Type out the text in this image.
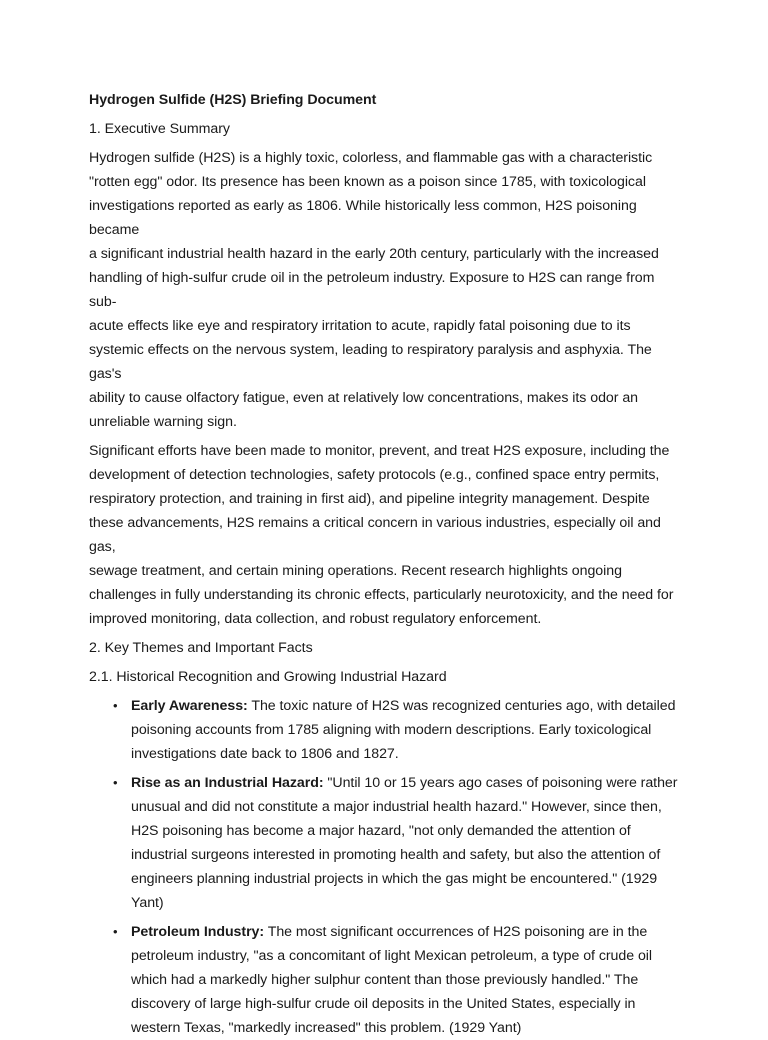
Hydrogen Sulfide (H2S) Briefing Document

1. Executive Summary

Hydrogen sulfide (H2S) is a highly toxic, colorless, and flammable gas with a characteristic
"rotten egg" odor. Its presence has been known as a poison since 1785, with toxicological
investigations reported as early as 1806. While historically less common, H2S poisoning became
a significant industrial health hazard in the early 20th century, particularly with the increased
handling of high-sulfur crude oil in the petroleum industry. Exposure to H2S can range from sub-
acute effects like eye and respiratory irritation to acute, rapidly fatal poisoning due to its
systemic effects on the nervous system, leading to respiratory paralysis and asphyxia. The gas's
ability to cause olfactory fatigue, even at relatively low concentrations, makes its odor an
unreliable warning sign.

Significant efforts have been made to monitor, prevent, and treat H2S exposure, including the
development of detection technologies, safety protocols (e.g., confined space entry permits,
respiratory protection, and training in first aid), and pipeline integrity management. Despite
these advancements, H2S remains a critical concern in various industries, especially oil and gas,
sewage treatment, and certain mining operations. Recent research highlights ongoing
challenges in fully understanding its chronic effects, particularly neurotoxicity, and the need for
improved monitoring, data collection, and robust regulatory enforcement.

2. Key Themes and Important Facts

2.1. Historical Recognition and Growing Industrial Hazard

• Early Awareness: The toxic nature of H2S was recognized centuries ago, with detailed
poisoning accounts from 1785 aligning with modern descriptions. Early toxicological
investigations date back to 1806 and 1827.
• Rise as an Industrial Hazard: "Until 10 or 15 years ago cases of poisoning were rather
unusual and did not constitute a major industrial health hazard." However, since then,
H2S poisoning has become a major hazard, "not only demanded the attention of
industrial surgeons interested in promoting health and safety, but also the attention of
engineers planning industrial projects in which the gas might be encountered." (1929
Yant)
• Petroleum Industry: The most significant occurrences of H2S poisoning are in the
petroleum industry, "as a concomitant of light Mexican petroleum, a type of crude oil
which had a markedly higher sulphur content than those previously handled." The
discovery of large high-sulfur crude oil deposits in the United States, especially in
western Texas, "markedly increased" this problem. (1929 Yant)
